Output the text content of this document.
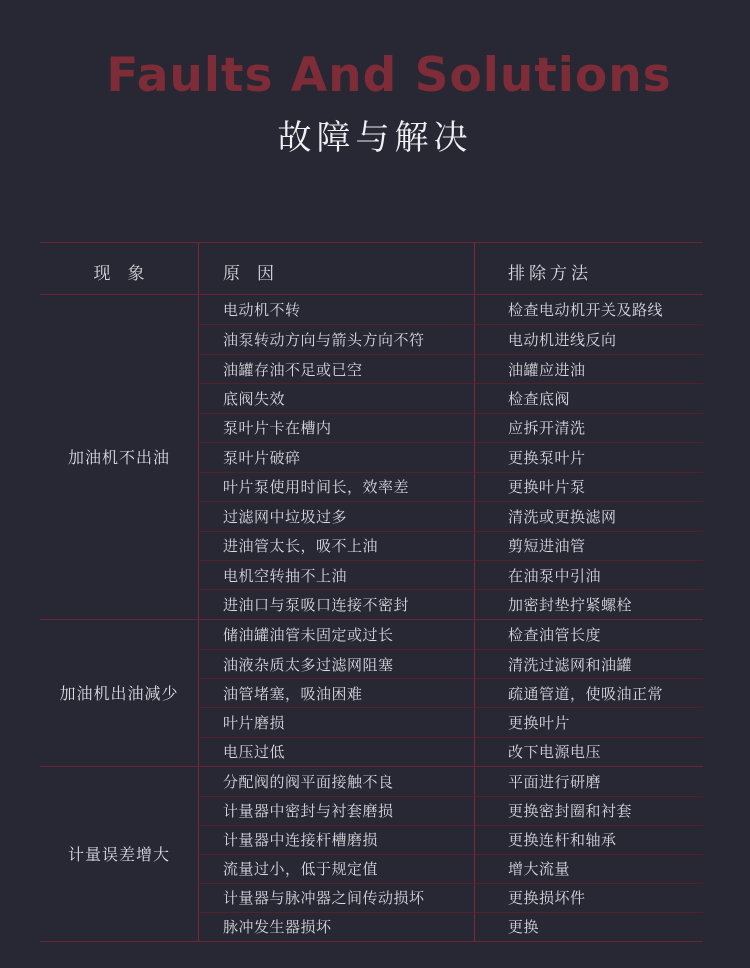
Faults And Solutions
故障与解决
现　象	原　因	排除方法
加油机不出油
电动机不转	检查电动机开关及路线
油泵转动方向与箭头方向不符	电动机进线反向
油罐存油不足或已空	油罐应进油
底阀失效	检查底阀
泵叶片卡在槽内	应拆开清洗
泵叶片破碎	更换泵叶片
叶片泵使用时间长，效率差	更换叶片泵
过滤网中垃圾过多	清洗或更换滤网
进油管太长，吸不上油	剪短进油管
电机空转抽不上油	在油泵中引油
进油口与泵吸口连接不密封	加密封垫拧紧螺栓
加油机出油减少
储油罐油管未固定或过长	检查油管长度
油液杂质太多过滤网阻塞	清洗过滤网和油罐
油管堵塞，吸油困难	疏通管道，使吸油正常
叶片磨损	更换叶片
电压过低	改下电源电压
计量误差增大
分配阀的阀平面接触不良	平面进行研磨
计量器中密封与衬套磨损	更换密封圈和衬套
计量器中连接杆槽磨损	更换连杆和轴承
流量过小，低于规定值	增大流量
计量器与脉冲器之间传动损坏	更换损坏件
脉冲发生器损坏	更换
